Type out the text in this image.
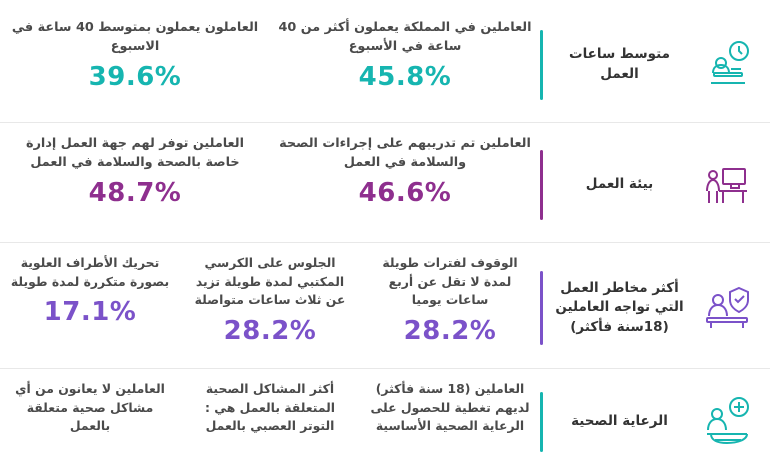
متوسط ساعات العمل
العاملين في المملكة يعملون أكثر من 40 ساعة في الأسبوع
45.8%
العاملون يعملون بمتوسط 40 ساعة في الاسبوع
39.6%
بيئة العمل
العاملين تم تدريبهم على إجراءات الصحة والسلامة في العمل
46.6%
العاملين توفر لهم جهة العمل إدارة خاصة بالصحة والسلامة في العمل
48.7%
أكثر مخاطر العمل التي تواجه العاملين (18سنة فأكثر)
الوقوف لفترات طويلة لمدة لا تقل عن أربع ساعات يوميا
28.2%
الجلوس على الكرسي المكتبي لمدة طويلة تزيد عن ثلاث ساعات متواصلة
28.2%
تحريك الأطراف العلوية بصورة متكررة لمدة طويلة
17.1%
الرعاية الصحية
العاملين (18 سنة فأكثر) لديهم تغطية للحصول على الرعاية الصحية الأساسية
أكثر المشاكل الصحية المتعلقة بالعمل هي : التوتر العصبي بالعمل
العاملين لا يعانون من أي مشاكل صحية متعلقة بالعمل
